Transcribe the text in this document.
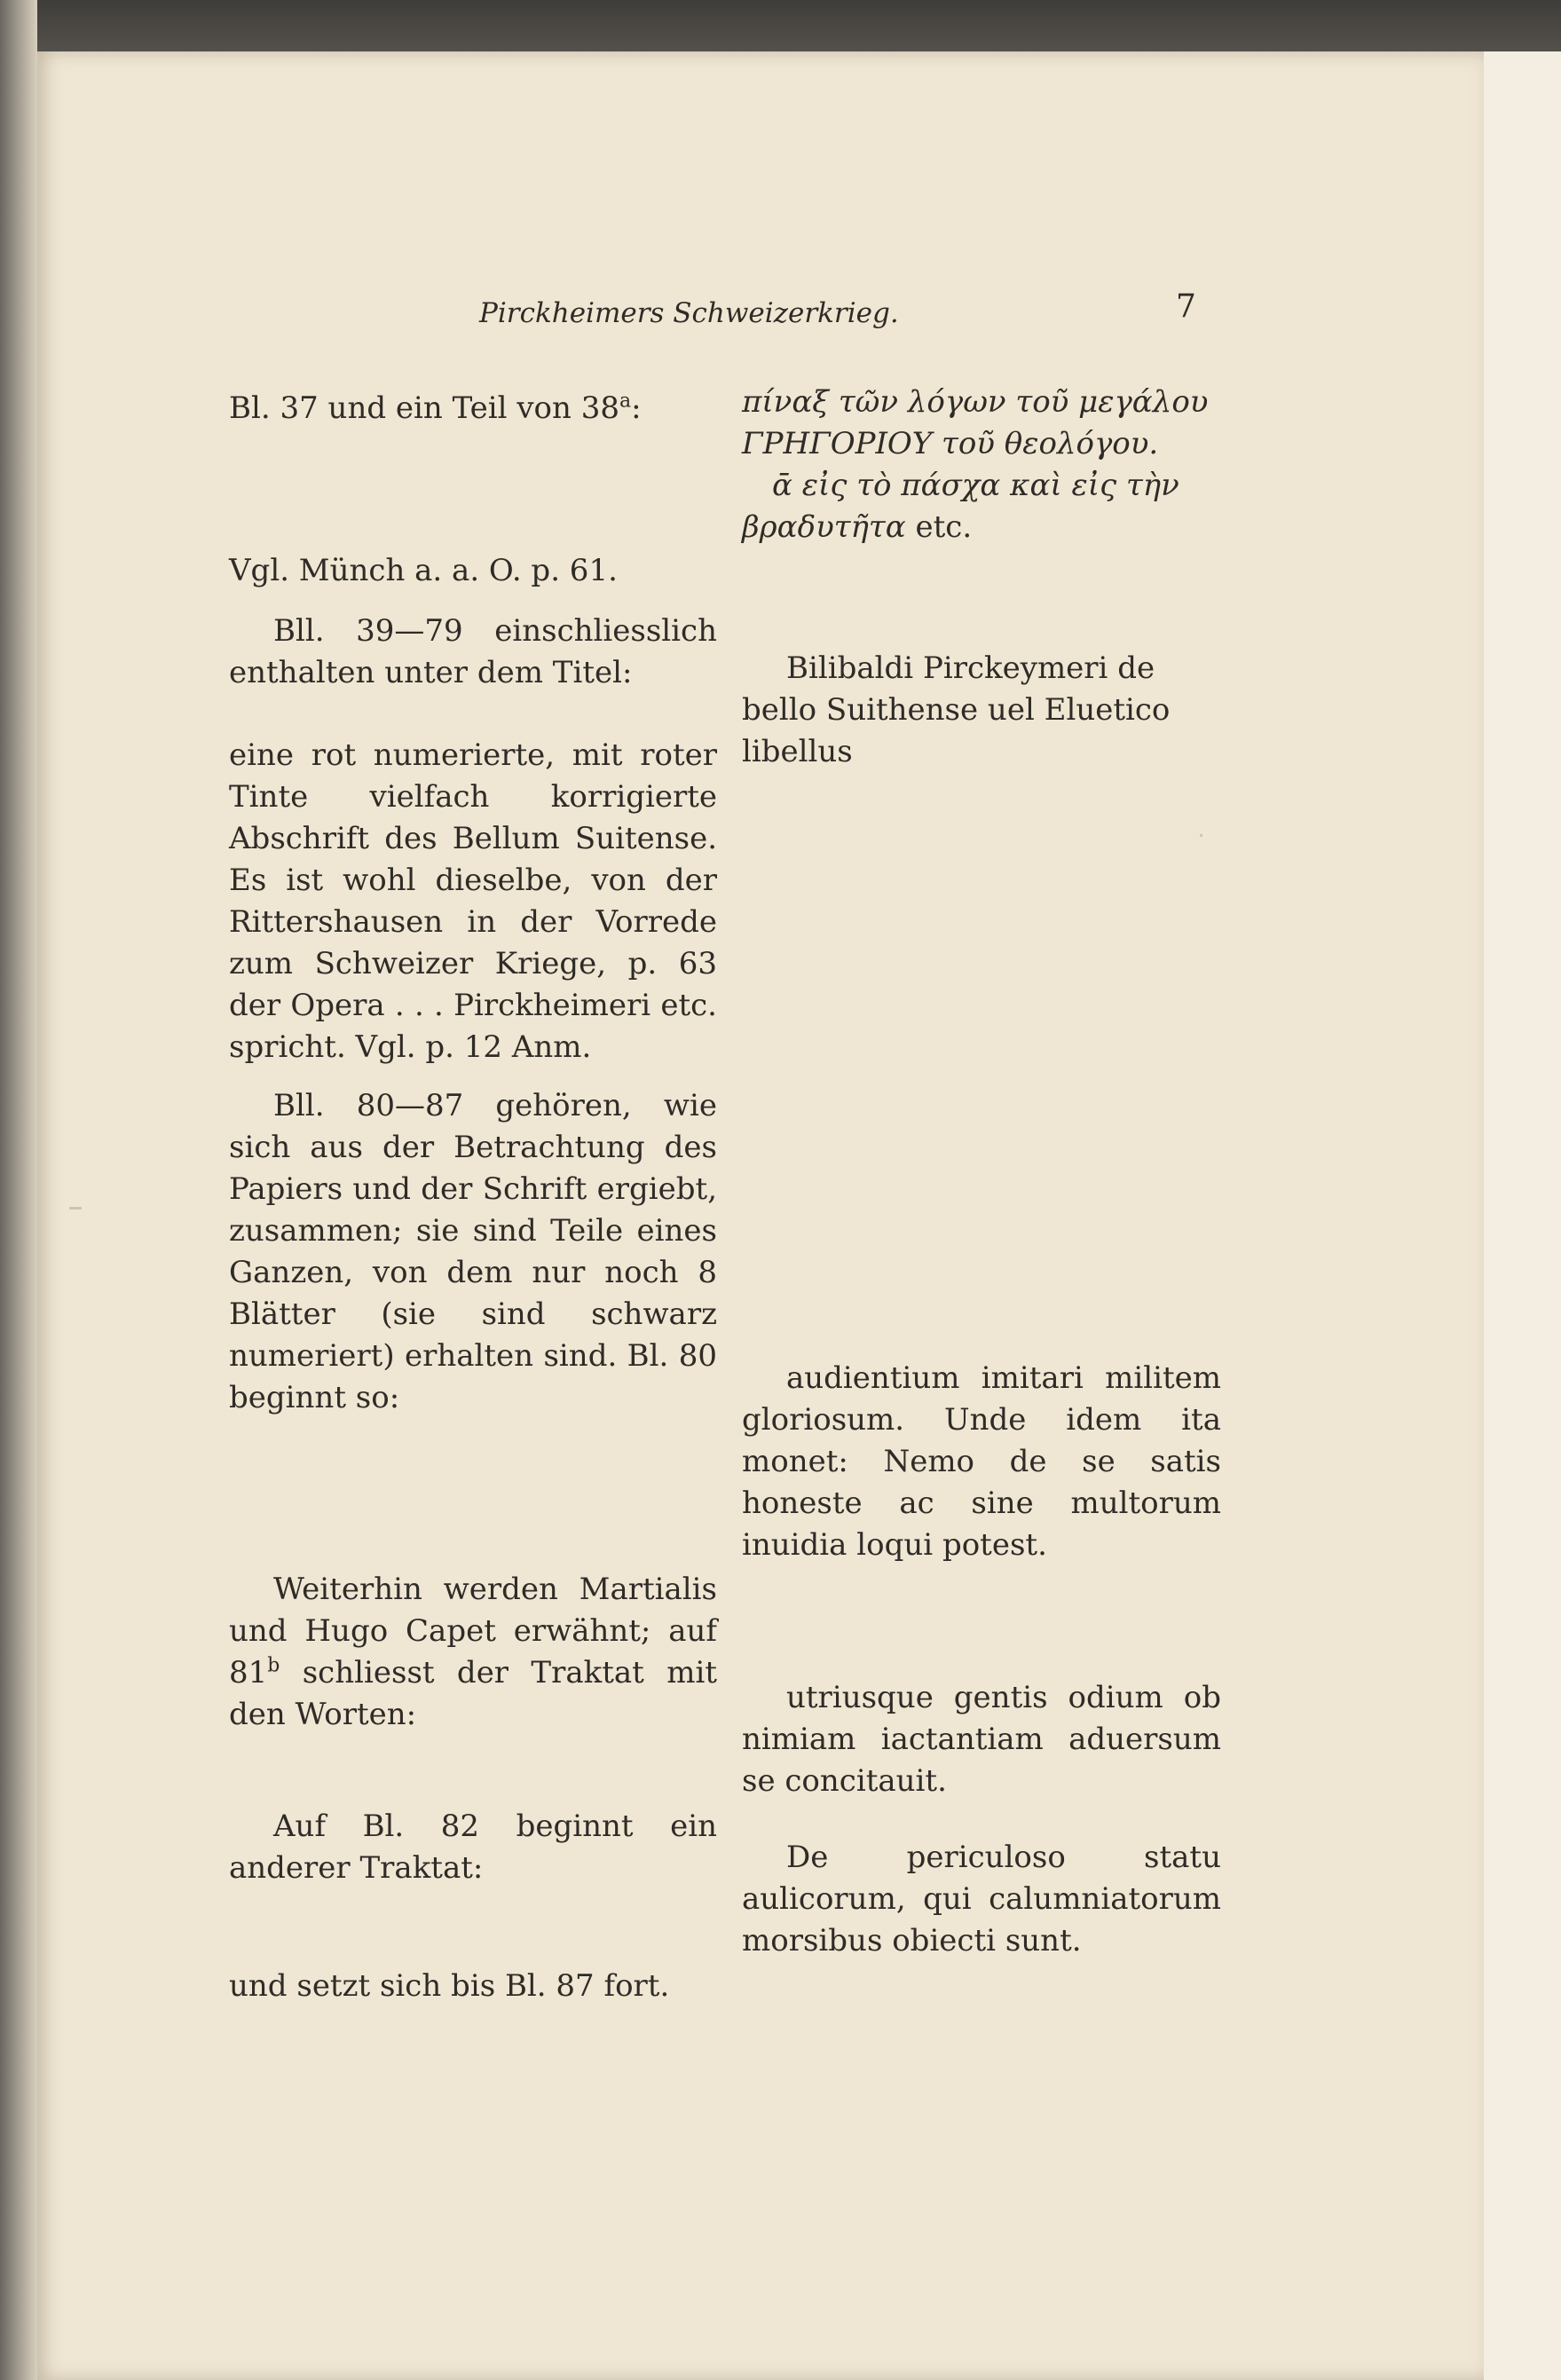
Pirckheimers Schweizerkrieg.	7
Bl. 37 und ein Teil von 38$^a$:
Vgl. Münch a. a. O. p. 61.
Bll. 39—79 einschliesslich enthalten unter dem Titel:
eine rot numerierte, mit roter Tinte vielfach korrigierte Abschrift des Bellum Suitense. Es ist wohl dieselbe, von der Rittershausen in der Vorrede zum Schweizer Kriege, p. 63 der Opera . . . Pirckheimeri etc. spricht. Vgl. p. 12 Anm.
Bll. 80—87 gehören, wie sich aus der Betrachtung des Papiers und der Schrift ergiebt, zusammen; sie sind Teile eines Ganzen, von dem nur noch 8 Blätter (sie sind schwarz numeriert) erhalten sind. Bl. 80 beginnt so:
Weiterhin werden Martialis und Hugo Capet erwähnt; auf 81$^b$ schliesst der Traktat mit den Worten:
Auf Bl. 82 beginnt ein anderer Traktat:
und setzt sich bis Bl. 87 fort.
πίναξ τῶν λόγων τοῦ μεγάλου
ΓΡΗΓΟΡΙΟΥ τοῦ θεολόγου.
ᾱ εἰς τὸ πάσχα καὶ εἰς τὴν
βραδυτῆτα etc.
Bilibaldi Pirckeymeri de bello Suithense uel Eluetico libellus
audientium imitari militem gloriosum. Unde idem ita monet: Nemo de se satis honeste ac sine multorum inuidia loqui potest.
utriusque gentis odium ob nimiam iactantiam aduersum se concitauit.
De periculoso statu aulicorum, qui calumniatorum morsibus obiecti sunt.
